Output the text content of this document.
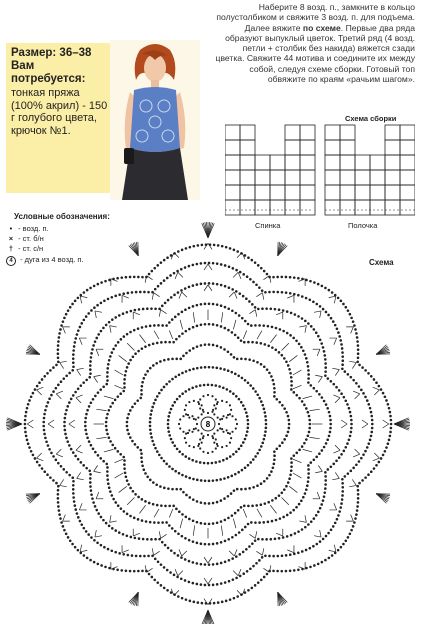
Размер: 36–38
Вам потребуется:
тонкая пряжа (100% акрил) - 150 г голубого цвета, крючок №1.
Наберите 8 возд. п., замкните в кольцо полустолбиком и свяжите 3 возд. п. для подъема. Далее вяжите по схеме. Первые два ряда образуют выпуклый цветок. Третий ряд (4 возд. петли + столбик без накида) вяжется сзади цветка. Свяжите 44 мотива и соедините их между собой, следуя схеме сборки. Готовый топ обвяжите по краям «рачьим шагом».
Схема сборки
Спинка	Полочка
Условные обозначения:
• - возд. п.
× - ст. б/н
† - ст. с/н
4 - дуга из 4 возд. п.	Схема
8
